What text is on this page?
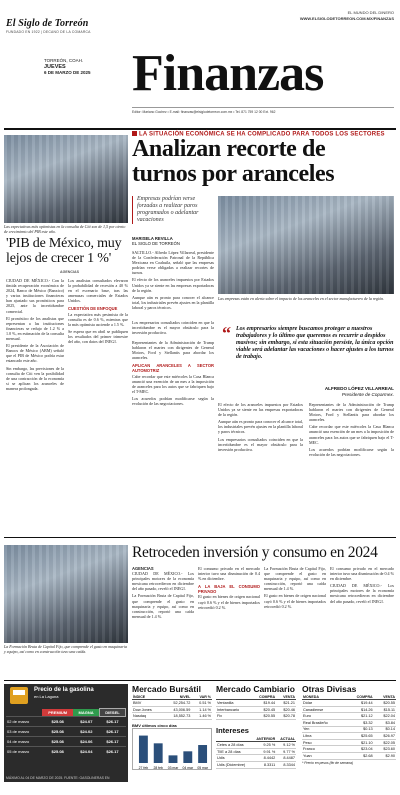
El Siglo de Torreón
FUNDADO EN 1922 | DECANO DE LA COMARCA
EL MUNDO DEL DINERO
WWW.ELSIGLODETORREON.COM.MX/FINANZAS
TORREÓN, COAH.
JUEVES
6 DE MARZO DE 2025 Finanzas
Editor: Mariano Gochez • E-mail: finanzas@elsiglodetorreon.com.mx • Tel. 871 759 12 00 Ext. 962
LA SITUACIÓN ECONÓMICA SE HA COMPLICADO PARA TODOS LOS SECTORES
Las expectativas más optimistas en la consulta de Citi son de 1,5 por ciento de crecimiento del PIB este año.
Analizan recorte de turnos por aranceles
'PIB de México, muy lejos de crecer 1 %'
AGENCIAS

CIUDAD DE MÉXICO.- Con la tímida recuperación económica de 2024, Banco de México (Banxico) y varias instituciones financieras han ajustado sus pronósticos para 2025, ante la incertidumbre comercial.

El pronóstico de los analistas que representan a las instituciones financieras se redujo de 1.2 % a 1.0 %, en estimación de la consulta mensual.

El presidente de la Asociación de Bancos de México (ABM) señaló que el PIB de México podría estar estancado este año.

Sin embargo, las previsiones de la consulta de Citi ven la posibilidad de una contracción de la economía si se aplican los aranceles de manera prolongada.

Los analistas consultados elevaron la probabilidad de recesión a 40 % en el escenario base, tras las amenazas comerciales de Estados Unidos.

CUESTIÓN DE ENFOQUE

La expectativa más pesimista de la consulta es de 0.6 %, mientras que la más optimista asciende a 1.5 %.

Se espera que en abril se publiquen los resultados del primer trimestre del año, con datos del INEGI.

Empresas podrían verse forzadas a realizar paros programados o adelantar vacaciones
MARISELA REVILLA
EL SIGLO DE TORREÓN

SALTILLO.- Alfredo López Villarreal, presidente de la Confederación Patronal de la República Mexicana en Coahuila, señaló que las empresas podrían verse obligadas a realizar recortes de turnos.

El efecto de los aranceles impuestos por Estados Unidos ya se siente en las empresas exportadoras de la región.

Aunque aún es pronto para conocer el alcance total, los industriales prevén ajustes en la plantilla laboral y paros técnicos.

Los empresarios consultados coinciden en que la incertidumbre es el mayor obstáculo para la inversión productiva.

Las empresas están en alerta sobre el impacto de los aranceles en el sector manufacturero de la región.
“ Los empresarios siempre buscamos proteger a nuestros trabajadores y lo último que queremos es recurrir a despidos masivos; sin embargo, si esta situación persiste, la única opción viable será adelantar las vacaciones o hacer ajustes a los turnos de trabajo.
ALFREDO LÓPEZ VILLARREAL
Presidente de Coparmex.

Representantes de la Administración de Trump hablaron el martes con dirigentes de General Motors, Ford y Stellantis para abordar los aranceles.

APLICAN ARANCELES A SECTOR AUTOMOTRIZ

Cabe recordar que este miércoles la Casa Blanca anunció una exención de un mes a la imposición de aranceles para los autos que se fabriquen bajo el T-MEC.

Los acuerdos podrían modificarse según la evolución de las negociaciones.	El efecto de los aranceles impuestos por Estados Unidos ya se siente en las empresas exportadoras de la región.

Aunque aún es pronto para conocer el alcance total, los industriales prevén ajustes en la plantilla laboral y paros técnicos.

Los empresarios consultados coinciden en que la incertidumbre es el mayor obstáculo para la inversión productiva.

Representantes de la Administración de Trump hablaron el martes con dirigentes de General Motors, Ford y Stellantis para abordar los aranceles.

Cabe recordar que este miércoles la Casa Blanca anunció una exención de un mes a la imposición de aranceles para los autos que se fabriquen bajo el T-MEC.

Los acuerdos podrían modificarse según la evolución de las negociaciones.

La Formación Bruta de Capital Fijo, que comprende el gasto en maquinaria y equipo, así como en construcción tuvo una caída.
Retroceden inversión y consumo en 2024

AGENCIAS

CIUDAD DE MÉXICO.- Los principales motores de la economía mexicana retrocedieron en diciembre del año pasado, reveló el INEGI.

La Formación Bruta de Capital Fijo, que comprende el gasto en maquinaria y equipo, así como en construcción, reportó una caída mensual de 1.4 %.

El consumo privado en el mercado interior tuvo una disminución de 0.4 % en diciembre.

A LA BAJA EL CONSUMO PRIVADO

El gasto en bienes de origen nacional cayó 0.6 % y el de bienes importados retrocedió 0.2 %.

La Formación Bruta de Capital Fijo, que comprende el gasto en maquinaria y equipo, así como en construcción, reportó una caída mensual de 1.4 %.

El gasto en bienes de origen nacional cayó 0.6 % y el de bienes importados retrocedió 0.2 %.

El consumo privado en el mercado interior tuvo una disminución de 0.4 % en diciembre.

CIUDAD DE MÉXICO.- Los principales motores de la economía mexicana retrocedieron en diciembre del año pasado, reveló el INEGI.

Precio de la gasolina
en La Laguna
	PREMIUM	MAGNA	DIESEL
02 de marzo	$25.08	$24.07	$26.17
03 de marzo	$25.08	$24.02	$26.17
04 de marzo	$25.08	$24.06	$26.17
05 de marzo	$25.08	$24.04	$26.17
MÁXIMO AL 04 DE MARZO DE 2025. FUENTE: GASOLINERAS EN
Mercado Bursátil
ÍNDICE	NIVEL	VAR %
BMV	52,254.72	0.51 %
Dow Jones	43,006.59	1.14 %
Nasdaq	18,552.73	1.46 %
BMV últimos cinco días
27 feb 28 feb 03 mar 04 mar 05 mar
Mercado Cambiario
	COMPRA	VENTA
Ventanilla	$19.44	$21.21
Interbancario	$20.45	$20.46
Fix	$20.55	$20.78
Intereses
	ANTERIOR	ACTUAL
Cetes a 28 días	9.25 %	9.12 %
TIIE a 28 días	9.91 %	9.77 %
Udis	8.4442	8.4487
Udis (Diciembre)	8.3311	8.3344
Otras Divisas
MONEDA	COMPRA	VENTA
Dólar	$19.44	$20.55
Canadiense	$14.26	$15.11
Euro	$21.12	$22.04
Real Brasileño	$3.32	$3.84
Yen	$0.13	$0.14
Libra	$25.65	$26.97
Peso	$21.10	$22.05
Franco	$23.04	$23.60
Yuan	$2.68	$2.90
* Precio en pesos (fin de semana)
